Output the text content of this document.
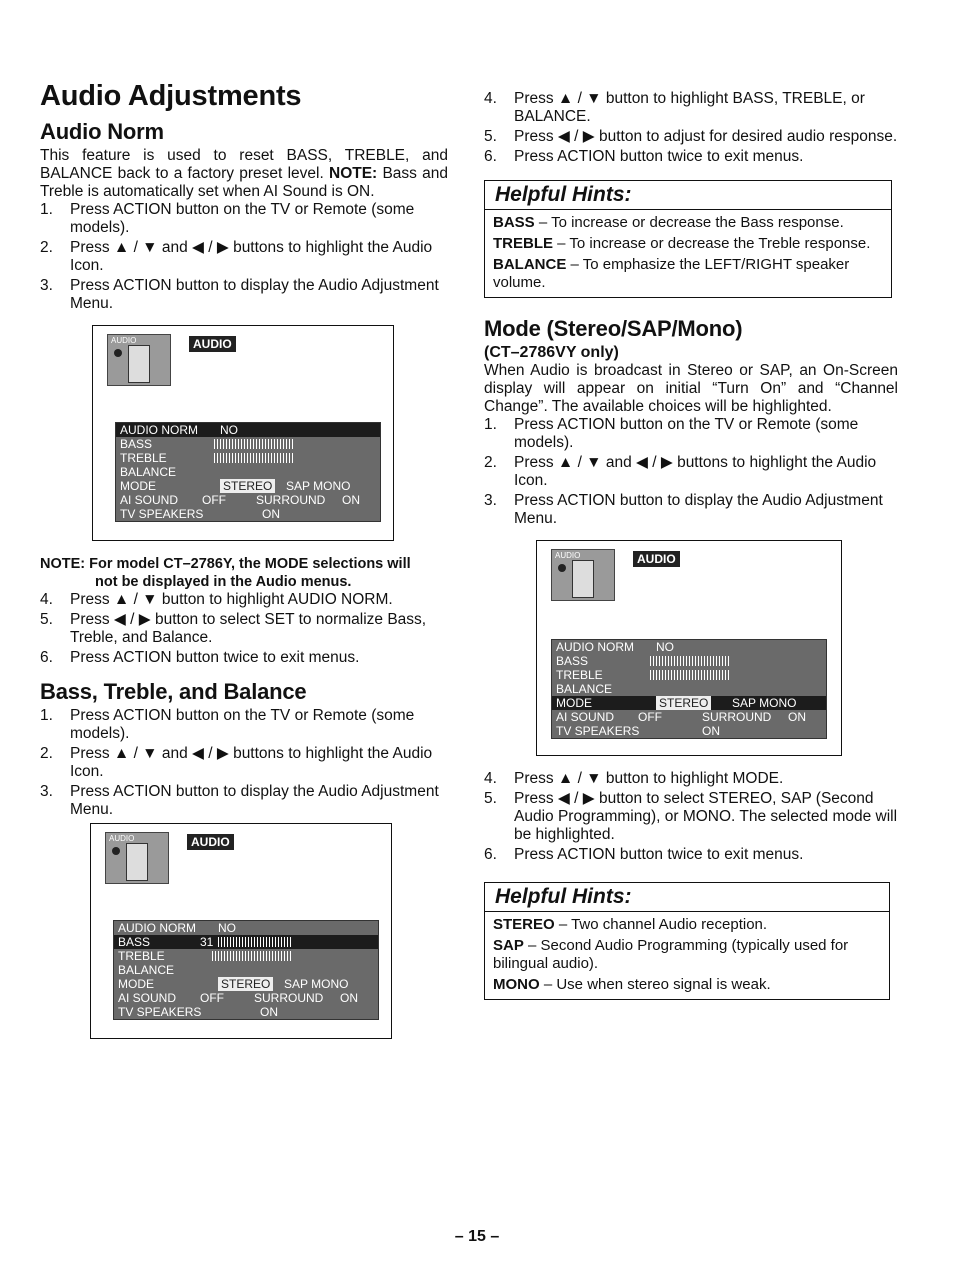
Audio Adjustments
Audio Norm

This feature is used to reset BASS, TREBLE, and BALANCE back to a factory preset level. NOTE: Bass and Treble is automatically set when AI Sound is ON.

1. Press ACTION button on the TV or Remote (some models).
2. Press ▲ / ▼ and ◀ / ▶ buttons to highlight the Audio Icon.
3. Press ACTION button to display the Audio Adjustment Menu.
AUDIO	AUDIO
AUDIO NORM NO
BASS
TREBLE
BALANCE
MODE	STEREO SAP MONO
AI SOUND OFF	SURROUND ON
TV SPEAKERS	ON
NOTE: For model CT–2786Y, the MODE selections will
not be displayed in the Audio menus.
4. Press ▲ / ▼ button to highlight AUDIO NORM.
5. Press ◀ / ▶ button to select SET to normalize Bass, Treble, and Balance.
6. Press ACTION button twice to exit menus.
Bass, Treble, and Balance
1. Press ACTION button on the TV or Remote (some models).
2. Press ▲ / ▼ and ◀ / ▶ buttons to highlight the Audio Icon.
3. Press ACTION button to display the Audio Adjustment Menu.
AUDIO	AUDIO
AUDIO NORM NO
BASS	31
TREBLE
BALANCE
MODE	STEREO SAP MONO
AI SOUND OFF	SURROUND ON
TV SPEAKERS	ON
4. Press ▲ / ▼ button to highlight BASS, TREBLE, or BALANCE.
5. Press ◀ / ▶ button to adjust for desired audio response.
6. Press ACTION button twice to exit menus.
Helpful Hints:

BASS – To increase or decrease the Bass response.

TREBLE – To increase or decrease the Treble response.

BALANCE – To emphasize the LEFT/RIGHT speaker volume.

Mode (Stereo/SAP/Mono)
(CT–2786VY only)

When Audio is broadcast in Stereo or SAP, an On-Screen display will appear on initial “Turn On” and “Channel Change”. The available choices will be highlighted.

1. Press ACTION button on the TV or Remote (some models).
2. Press ▲ / ▼ and ◀ / ▶ buttons to highlight the Audio Icon.
3. Press ACTION button to display the Audio Adjustment Menu.
AUDIO	AUDIO
AUDIO NORM NO
BASS
TREBLE
BALANCE
MODE	STEREO SAP MONO
AI SOUND OFF	SURROUND ON
TV SPEAKERS	ON
4. Press ▲ / ▼ button to highlight MODE.
5. Press ◀ / ▶ button to select STEREO, SAP (Second Audio Programming), or MONO. The selected mode will be highlighted.
6. Press ACTION button twice to exit menus.
Helpful Hints:

STEREO – Two channel Audio reception.

SAP – Second Audio Programming (typically used for bilingual audio).

MONO – Use when stereo signal is weak.

– 15 –
